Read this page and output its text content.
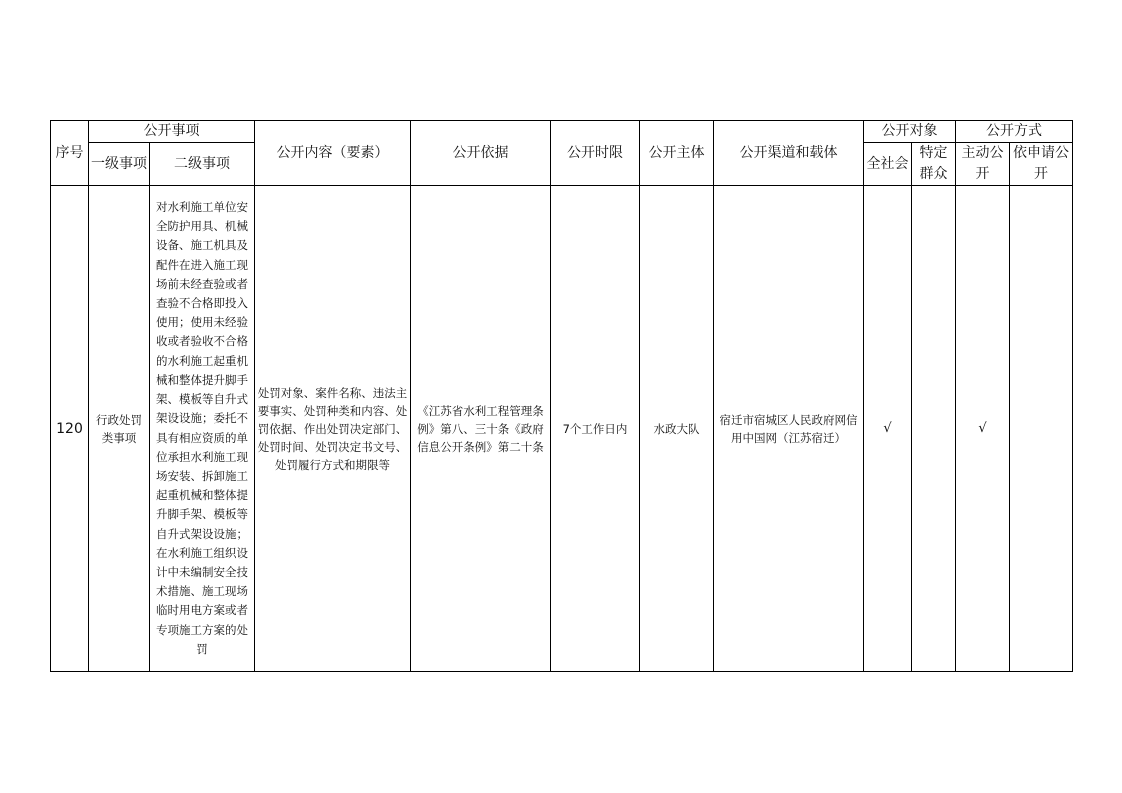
序号	公开事项		公开内容（要素）	公开依据	公开时限	公开主体	公开渠道和载体	公开对象		公开方式	
	一级事项	二级事项						全社会	特定群众	主动公开	依申请公开

120	行政处罚类事项	对水利施工单位安全防护用具、机械设备、施工机具及配件在进入施工现场前未经查验或者查验不合格即投入使用；使用未经验收或者验收不合格的水利施工起重机械和整体提升脚手架、模板等自升式架设设施；委托不具有相应资质的单位承担水利施工现场安装、拆卸施工起重机械和整体提升脚手架、模板等自升式架设设施；在水利施工组织设计中未编制安全技术措施、施工现场临时用电方案或者专项施工方案的处罚	处罚对象、案件名称、违法主要事实、处罚种类和内容、处罚依据、作出处罚决定部门、处罚时间、处罚决定书文号、处罚履行方式和期限等	《江苏省水利工程管理条例》第八、三十条《政府信息公开条例》第二十条	7个工作日内	水政大队	宿迁市宿城区人民政府网信用中国网（江苏宿迁）	√		√	
